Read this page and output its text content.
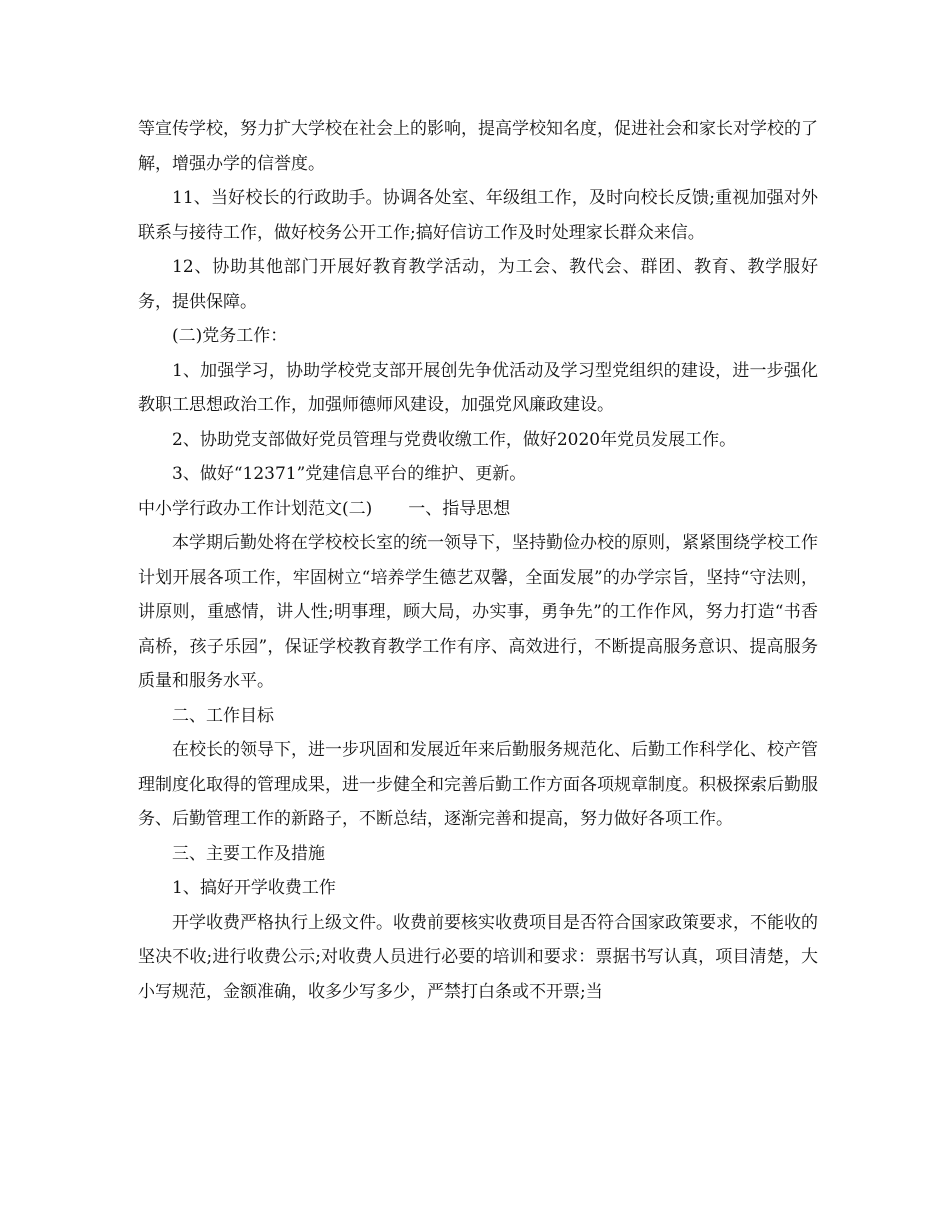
等宣传学校，努力扩大学校在社会上的影响，提高学校知名度，促进社会和家长对学校的了解，增强办学的信誉度。

11、当好校长的行政助手。协调各处室、年级组工作，及时向校长反馈;重视加强对外联系与接待工作，做好校务公开工作;搞好信访工作及时处理家长群众来信。

12、协助其他部门开展好教育教学活动，为工会、教代会、群团、教育、教学服好务，提供保障。

(二)党务工作：

1、加强学习，协助学校党支部开展创先争优活动及学习型党组织的建设，进一步强化教职工思想政治工作，加强师德师风建设，加强党风廉政建设。

2、协助党支部做好党员管理与党费收缴工作，做好2020年党员发展工作。

3、做好“12371”党建信息平台的维护、更新。

中小学行政办工作计划范文(二) 一、指导思想

本学期后勤处将在学校校长室的统一领导下，坚持勤俭办校的原则，紧紧围绕学校工作计划开展各项工作，牢固树立“培养学生德艺双馨，全面发展”的办学宗旨，坚持“守法则，讲原则，重感情，讲人性;明事理，顾大局，办实事，勇争先”的工作作风，努力打造“书香高桥，孩子乐园”，保证学校教育教学工作有序、高效进行，不断提高服务意识、提高服务质量和服务水平。

二、工作目标

在校长的领导下，进一步巩固和发展近年来后勤服务规范化、后勤工作科学化、校产管理制度化取得的管理成果，进一步健全和完善后勤工作方面各项规章制度。积极探索后勤服务、后勤管理工作的新路子，不断总结，逐渐完善和提高，努力做好各项工作。

三、主要工作及措施

1、搞好开学收费工作

开学收费严格执行上级文件。收费前要核实收费项目是否符合国家政策要求，不能收的坚决不收;进行收费公示;对收费人员进行必要的培训和要求：票据书写认真，项目清楚，大小写规范，金额准确，收多少写多少，严禁打白条或不开票;当
